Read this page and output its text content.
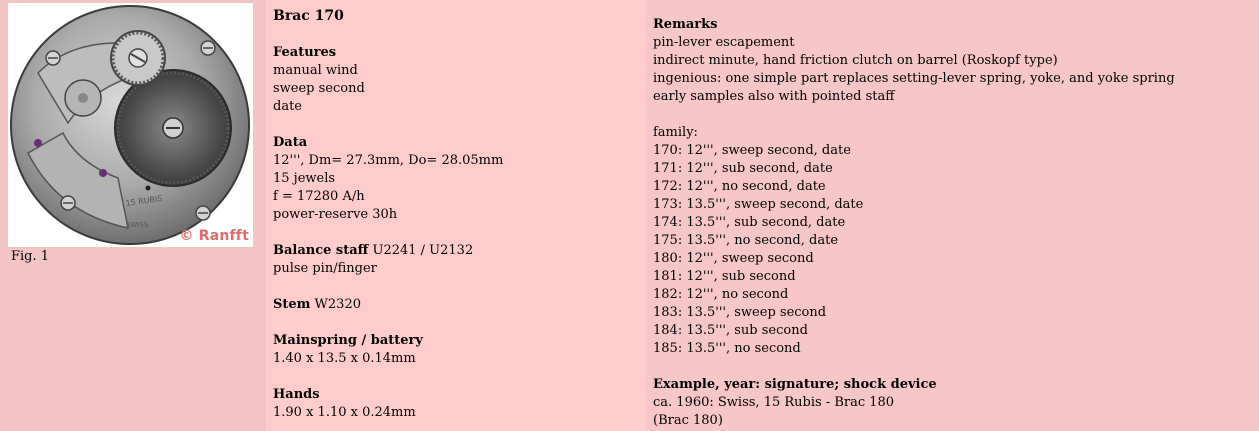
15 RUBIS
SWISS
© Ranfft
Fig. 1
Brac 170
Features
manual wind
sweep second
date
Data
12''', Dm= 27.3mm, Do= 28.05mm
15 jewels
f = 17280 A/h
power-reserve 30h
Balance staff U2241 / U2132
pulse pin/finger
Stem W2320
Mainspring / battery
1.40 x 13.5 x 0.14mm
Hands
1.90 x 1.10 x 0.24mm
Remarks
pin-lever escapement
indirect minute, hand friction clutch on barrel (Roskopf type)
ingenious: one simple part replaces setting-lever spring, yoke, and yoke spring
early samples also with pointed staff
family:
170: 12''', sweep second, date
171: 12''', sub second, date
172: 12''', no second, date
173: 13.5''', sweep second, date
174: 13.5''', sub second, date
175: 13.5''', no second, date
180: 12''', sweep second
181: 12''', sub second
182: 12''', no second
183: 13.5''', sweep second
184: 13.5''', sub second
185: 13.5''', no second
Example, year: signature; shock device
ca. 1960: Swiss, 15 Rubis - Brac 180
(Brac 180)
